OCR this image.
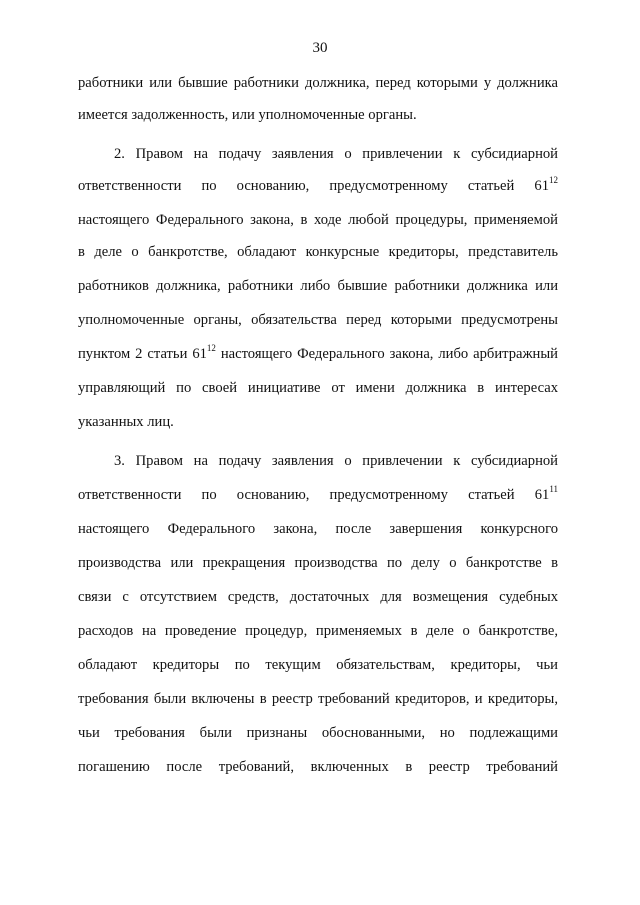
30
работники или бывшие работники должника, перед которыми у должника
имеется задолженность, или уполномоченные органы.
2. Правом на подачу заявления о привлечении к субсидиарной
ответственности по основанию, предусмотренному статьей $61^{12}$
настоящего Федерального закона, в ходе любой процедуры, применяемой
в деле о банкротстве, обладают конкурсные кредиторы, представитель
работников должника, работники либо бывшие работники должника или
уполномоченные органы, обязательства перед которыми предусмотрены
пунктом 2 статьи $61^{12}$ настоящего Федерального закона, либо арбитражный
управляющий по своей инициативе от имени должника в интересах
указанных лиц.
3. Правом на подачу заявления о привлечении к субсидиарной
ответственности по основанию, предусмотренному статьей $61^{11}$
настоящего Федерального закона, после завершения конкурсного
производства или прекращения производства по делу о банкротстве в
связи с отсутствием средств, достаточных для возмещения судебных
расходов на проведение процедур, применяемых в деле о банкротстве,
обладают кредиторы по текущим обязательствам, кредиторы, чьи
требования были включены в реестр требований кредиторов, и кредиторы,
чьи требования были признаны обоснованными, но подлежащими
погашению после требований, включенных в реестр требований
